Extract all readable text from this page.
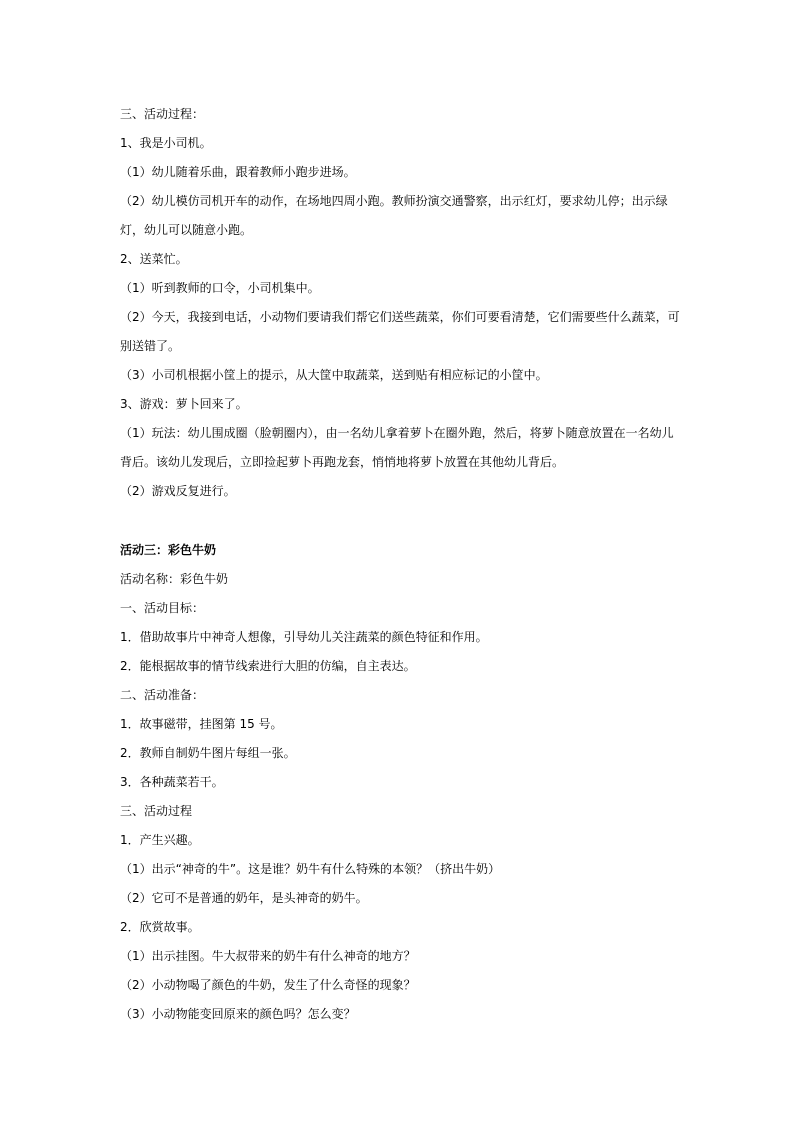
三、活动过程：
1、我是小司机。
（1）幼儿随着乐曲，跟着教师小跑步进场。
（2）幼儿模仿司机开车的动作，在场地四周小跑。教师扮演交通警察，出示红灯，要求幼儿停；出示绿灯，幼儿可以随意小跑。
2、送菜忙。
（1）听到教师的口令，小司机集中。
（2）今天，我接到电话，小动物们要请我们帮它们送些蔬菜，你们可要看清楚，它们需要些什么蔬菜，可别送错了。
（3）小司机根据小筐上的提示，从大筐中取蔬菜，送到贴有相应标记的小筐中。
3、游戏：萝卜回来了。
（1）玩法：幼儿围成圈（脸朝圈内），由一名幼儿拿着萝卜在圈外跑，然后，将萝卜随意放置在一名幼儿背后。该幼儿发现后，立即捡起萝卜再跑龙套，悄悄地将萝卜放置在其他幼儿背后。
（2）游戏反复进行。
活动三：彩色牛奶
活动名称：彩色牛奶
一、活动目标：
1．借助故事片中神奇人想像，引导幼儿关注蔬菜的颜色特征和作用。
2．能根据故事的情节线索进行大胆的仿编，自主表达。
二、活动准备：
1．故事磁带，挂图第 15 号。
2．教师自制奶牛图片每组一张。
3．各种蔬菜若干。
三、活动过程
1．产生兴趣。
（1）出示“神奇的牛”。这是谁？奶牛有什么特殊的本领？（挤出牛奶）
（2）它可不是普通的奶年，是头神奇的奶牛。
2．欣赏故事。
（1）出示挂图。牛大叔带来的奶牛有什么神奇的地方？
（2）小动物喝了颜色的牛奶，发生了什么奇怪的现象？
（3）小动物能变回原来的颜色吗？怎么变？
